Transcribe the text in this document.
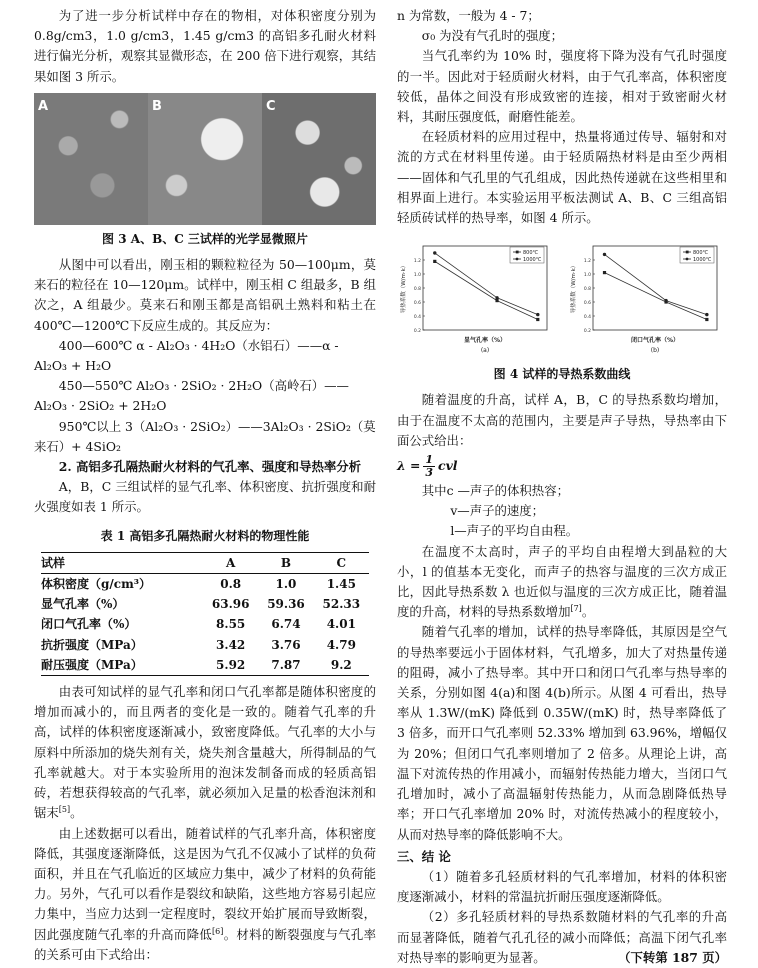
为了进一步分析试样中存在的物相，对体积密度分别为0.8g/cm3，1.0 g/cm3，1.45 g/cm3 的高铝多孔耐火材料进行偏光分析，观察其显微形态，在 200 倍下进行观察，其结果如图 3 所示。

A	B	C
图 3 A、B、C 三试样的光学显微照片

从图中可以看出，刚玉相的颗粒粒径为 50—100μm，莫来石的粒径在 10—120μm。试样中，刚玉相 C 组最多，B 组次之，A 组最少。莫来石和刚玉都是高铝矾土熟料和粘土在 400℃—1200℃下反应生成的。其反应为：

400—600℃ α - Al₂O₃ · 4H₂O（水铝石）——α -

Al₂O₃ + H₂O

450—550℃ Al₂O₃ · 2SiO₂ · 2H₂O（高岭石）——

Al₂O₃ · 2SiO₂ + 2H₂O

950℃以上 3（Al₂O₃ · 2SiO₂）——3Al₂O₃ · 2SiO₂（莫

来石）+ 4SiO₂

2. 高铝多孔隔热耐火材料的气孔率、强度和导热率分析

A，B，C 三组试样的显气孔率、体积密度、抗折强度和耐火强度如表 1 所示。

表 1 高铝多孔隔热耐火材料的物理性能
试样	A	B	C
体积密度（g/cm³）	0.8	1.0	1.45
显气孔率（%）	63.96	59.36	52.33
闭口气孔率（%）	8.55	6.74	4.01
抗折强度（MPa）	3.42	3.76	4.79
耐压强度（MPa）	5.92	7.87	9.2

由表可知试样的显气孔率和闭口气孔率都是随体积密度的增加而减小的，而且两者的变化是一致的。随着气孔率的升高，试样的体积密度逐渐减小，致密度降低。气孔率的大小与原料中所添加的烧失剂有关，烧失剂含量越大，所得制品的气孔率就越大。对于本实验所用的泡沫发制备而成的轻质高铝砖，若想获得较高的气孔率，就必须加入足量的松香泡沫剂和锯末[5]。

由上述数据可以看出，随着试样的气孔率升高，体积密度降低，其强度逐渐降低，这是因为气孔不仅减小了试样的负荷面积，并且在气孔临近的区域应力集中，减少了材料的负荷能力。另外，气孔可以看作是裂纹和缺陷，这些地方容易引起应力集中，当应力达到一定程度时，裂纹开始扩展而导致断裂，因此强度随气孔率的升高而降低[6]。材料的断裂强度与气孔率的关系可由下式给出：

n 为常数，一般为 4 - 7；

σ₀ 为没有气孔时的强度；

当气孔率约为 10% 时，强度将下降为没有气孔时强度的一半。因此对于轻质耐火材料，由于气孔率高，体积密度较低，晶体之间没有形成致密的连接，相对于致密耐火材料，其耐压强度低，耐磨性能差。

在轻质材料的应用过程中，热量将通过传导、辐射和对流的方式在材料里传递。由于轻质隔热材料是由至少两相——固体和气孔里的气孔组成，因此热传递就在这些相里和相界面上进行。本实验运用平板法测试 A、B、C 三组高铝轻质砖试样的热导率，如图 4 所示。

0.2
0.4
0.6
0.8
1.0
1.2
导热系数（W/m·k）
显气孔率（%）
(a)
800℃
1000℃
0.2
0.4
0.6
0.8
1.0
1.2
导热系数（W/m·k）
闭口气孔率（%）
(b)
800℃
1000℃
图 4 试样的导热系数曲线

随着温度的升高，试样 A，B，C 的导热系数均增加，由于在温度不太高的范围内，主要是声子导热，导热率由下面公式给出：

$\lambda = \frac{1}{3}$ cvl

其中c —声子的体积热容；

v—声子的速度；

l—声子的平均自由程。

在温度不太高时，声子的平均自由程增大到晶粒的大小，l 的值基本无变化，而声子的热容与温度的三次方成正比，因此导热系数 λ 也近似与温度的三次方成正比，随着温度的升高，材料的导热系数增加[7]。

随着气孔率的增加，试样的热导率降低，其原因是空气的导热率要远小于固体材料，气孔增多，加大了对热量传递的阻碍，减小了热导率。其中开口和闭口气孔率与热导率的关系，分别如图 4(a)和图 4(b)所示。从图 4 可看出，热导率从 1.3W/(mK) 降低到 0.35W/(mK) 时，热导率降低了 3 倍多，而开口气孔率则 52.33% 增加到 63.96%，增幅仅为 20%；但闭口气孔率则增加了 2 倍多。从理论上讲，高温下对流传热的作用减小，而辐射传热能力增大，当闭口气孔增加时，减小了高温辐射传热能力，从而急剧降低热导率；开口气孔率增加 20% 时，对流传热减小的程度较小，从而对热导率的降低影响不大。

三、结 论

（1）随着多孔轻质材料的气孔率增加，材料的体积密度逐渐减小，材料的常温抗折耐压强度逐渐降低。

（2）多孔轻质材料的导热系数随材料的气孔率的升高而显著降低，随着气孔孔径的减小而降低；高温下闭气孔率对热导率的影响更为显著。	（下转第 187 页）
